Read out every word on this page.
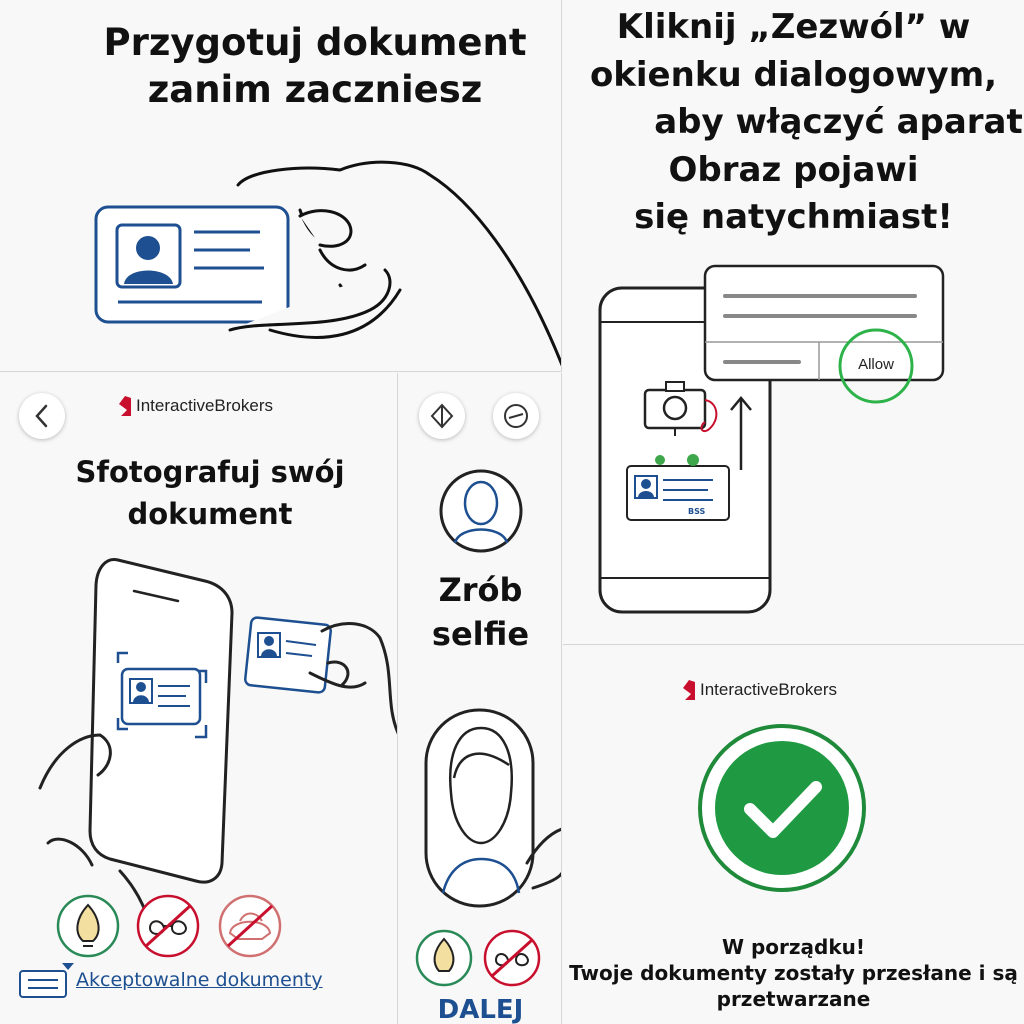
Przygotuj dokument
zanim zaczniesz
Kliknij „Zezwól” w
okienku dialogowym,
aby włączyć aparat
Obraz pojawi
się natychmiast!
Allow
BSS
InteractiveBrokers
Sfotografuj swój
dokument
Akceptowalne dokumenty
Zrób
selfie
DALEJ
InteractiveBrokers
W porządku!
Twoje dokumenty zostały przesłane i są
przetwarzane
